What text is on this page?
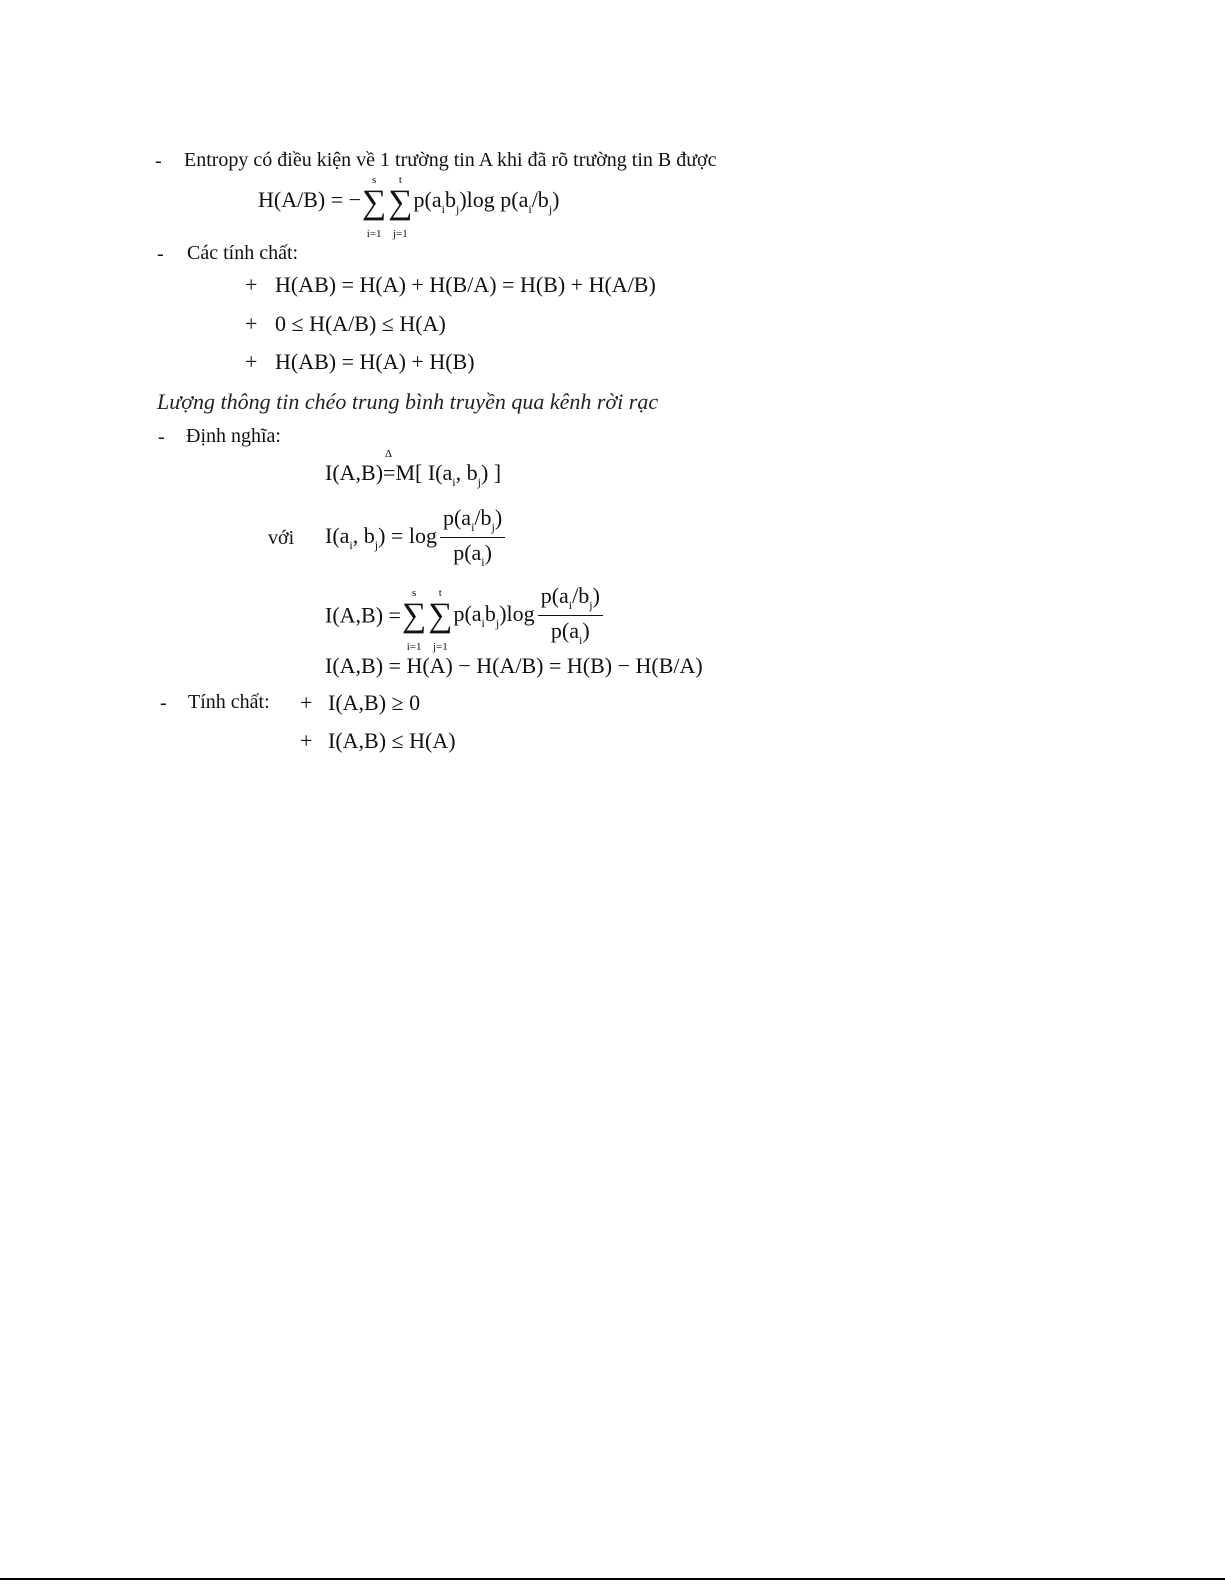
- Entropy có điều kiện về 1 trường tin A khi đã rõ trường tin B được
H(A/B) = −
s
∑
i=1
t
∑
j=1
$p(a_ib_j)\log$ $p(a_i/b_j)$
- Các tính chất:
+ H(AB) = H(A) + H(B/A) = H(B) + H(A/B)
+ 0 ≤ H(A/B) ≤ H(A)
+ H(AB) = H(A) + H(B)
Lượng thông tin chéo trung bình truyền qua kênh rời rạc
- Định nghĩa:
I(A,B)
Δ
=M[ $I(a_i$, $b_j$) ]
với $I(a_i$, $b_j) = \log \frac{p(a_i/b_j)}{p(a_i)}$
I(A,B) =
s
∑
i=1
t
∑
j=1
$p(a_ib_j)\log \frac{p(a_i/b_j)}{p(a_i)}$
I(A,B) = H(A) − H(A/B) = H(B) − H(B/A)
- Tính chất: + I(A,B) ≥ 0
+ I(A,B) ≤ H(A)
